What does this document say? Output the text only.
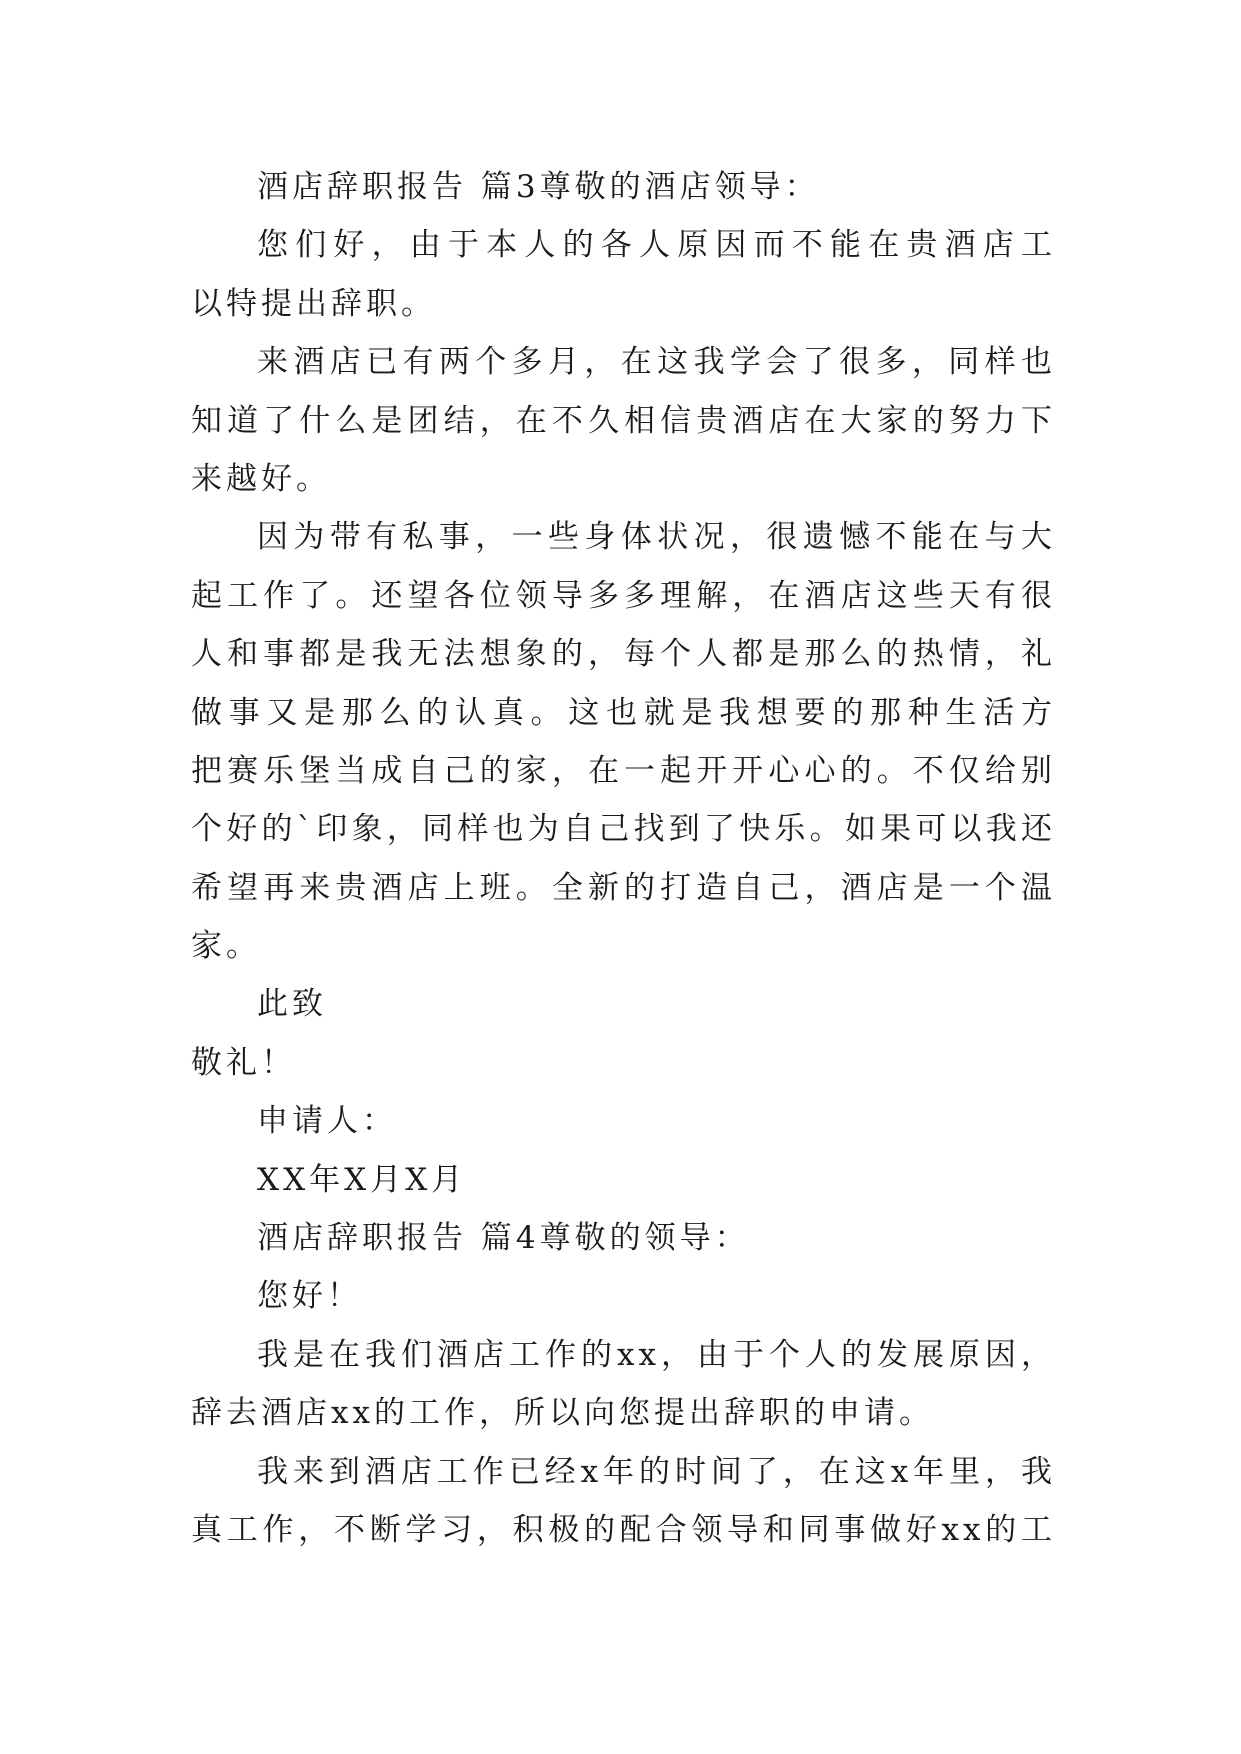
酒店辞职报告 篇3尊敬的酒店领导：
您们好，由于本人的各人原因而不能在贵酒店工
以特提出辞职。
来酒店已有两个多月，在这我学会了很多，同样也
知道了什么是团结，在不久相信贵酒店在大家的努力下
来越好。
因为带有私事，一些身体状况，很遗憾不能在与大
起工作了。还望各位领导多多理解，在酒店这些天有很
人和事都是我无法想象的，每个人都是那么的热情，礼
做事又是那么的认真。这也就是我想要的那种生活方
把赛乐堡当成自己的家，在一起开开心心的。不仅给别
个好的`印象，同样也为自己找到了快乐。如果可以我还
希望再来贵酒店上班。全新的打造自己，酒店是一个温
家。
此致
敬礼！
申请人：
XX年X月X月
酒店辞职报告 篇4尊敬的领导：
您好！
我是在我们酒店工作的xx，由于个人的发展原因，
辞去酒店xx的工作，所以向您提出辞职的申请。
我来到酒店工作已经x年的时间了，在这x年里，我
真工作，不断学习，积极的配合领导和同事做好xx的工
